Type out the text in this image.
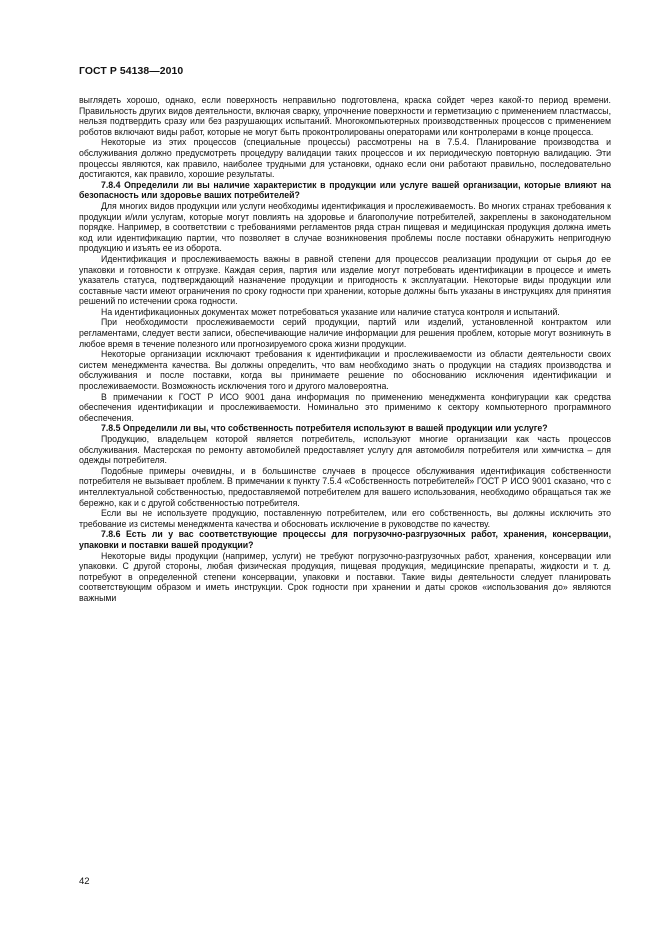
ГОСТ Р 54138—2010

выглядеть хорошо, однако, если поверхность неправильно подготовлена, краска сойдет через какой-то период времени. Правильность других видов деятельности, включая сварку, упрочнение поверхности и герметизацию с применением пластмассы, нельзя подтвердить сразу или без разрушающих испытаний. Многокомпьютерных производственных процессов с применением роботов включают виды работ, которые не могут быть проконтролированы операторами или контролерами в конце процесса.

Некоторые из этих процессов (специальные процессы) рассмотрены на в 7.5.4. Планирование производства и обслуживания должно предусмотреть процедуру валидации таких процессов и их периодическую повторную валидацию. Эти процессы являются, как правило, наиболее трудными для установки, однако если они работают правильно, последовательно достигаются, как правило, хорошие результаты.

7.8.4 Определили ли вы наличие характеристик в продукции или услуге вашей организации, которые влияют на безопасность или здоровье ваших потребителей?

Для многих видов продукции или услуги необходимы идентификация и прослеживаемость. Во многих странах требования к продукции и/или услугам, которые могут повлиять на здоровье и благополучие потребителей, закреплены в законодательном порядке. Например, в соответствии с требованиями регламентов ряда стран пищевая и медицинская продукция должна иметь код или идентификацию партии, что позволяет в случае возникновения проблемы после поставки обнаружить непригодную продукцию и изъять ее из оборота.

Идентификация и прослеживаемость важны в равной степени для процессов реализации продукции от сырья до ее упаковки и готовности к отгрузке. Каждая серия, партия или изделие могут потребовать идентификации в процессе и иметь указатель статуса, подтверждающий назначение продукции и пригодность к эксплуатации. Некоторые виды продукции или составные части имеют ограничения по сроку годности при хранении, которые должны быть указаны в инструкциях для принятия решений по истечении срока годности.

На идентификационных документах может потребоваться указание или наличие статуса контроля и испытаний.

При необходимости прослеживаемости серий продукции, партий или изделий, установленной контрактом или регламентами, следует вести записи, обеспечивающие наличие информации для решения проблем, которые могут возникнуть в любое время в течение полезного или прогнозируемого срока жизни продукции.

Некоторые организации исключают требования к идентификации и прослеживаемости из области деятельности своих систем менеджмента качества. Вы должны определить, что вам необходимо знать о продукции на стадиях производства и обслуживания и после поставки, когда вы принимаете решение по обоснованию исключения идентификации и прослеживаемости. Возможность исключения того и другого маловероятна.

В примечании к ГОСТ Р ИСО 9001 дана информация по применению менеджмента конфигурации как средства обеспечения идентификации и прослеживаемости. Номинально это применимо к сектору компьютерного программного обеспечения.

7.8.5 Определили ли вы, что собственность потребителя используют в вашей продукции или услуге?

Продукцию, владельцем которой является потребитель, используют многие организации как часть процессов обслуживания. Мастерская по ремонту автомобилей предоставляет услугу для автомобиля потребителя или химчистка – для одежды потребителя.

Подобные примеры очевидны, и в большинстве случаев в процессе обслуживания идентификация собственности потребителя не вызывает проблем. В примечании к пункту 7.5.4 «Собственность потребителей» ГОСТ Р ИСО 9001 сказано, что с интеллектуальной собственностью, предоставляемой потребителем для вашего использования, необходимо обращаться так же бережно, как и с другой собственностью потребителя.

Если вы не используете продукцию, поставленную потребителем, или его собственность, вы должны исключить это требование из системы менеджмента качества и обосновать исключение в руководстве по качеству.

7.8.6 Есть ли у вас соответствующие процессы для погрузочно-разгрузочных работ, хранения, консервации, упаковки и поставки вашей продукции?

Некоторые виды продукции (например, услуги) не требуют погрузочно-разгрузочных работ, хранения, консервации или упаковки. С другой стороны, любая физическая продукция, пищевая продукция, медицинские препараты, жидкости и т. д. потребуют в определенной степени консервации, упаковки и поставки. Такие виды деятельности следует планировать соответствующим образом и иметь инструкции. Срок годности при хранении и даты сроков «использования до» являются важными

42
